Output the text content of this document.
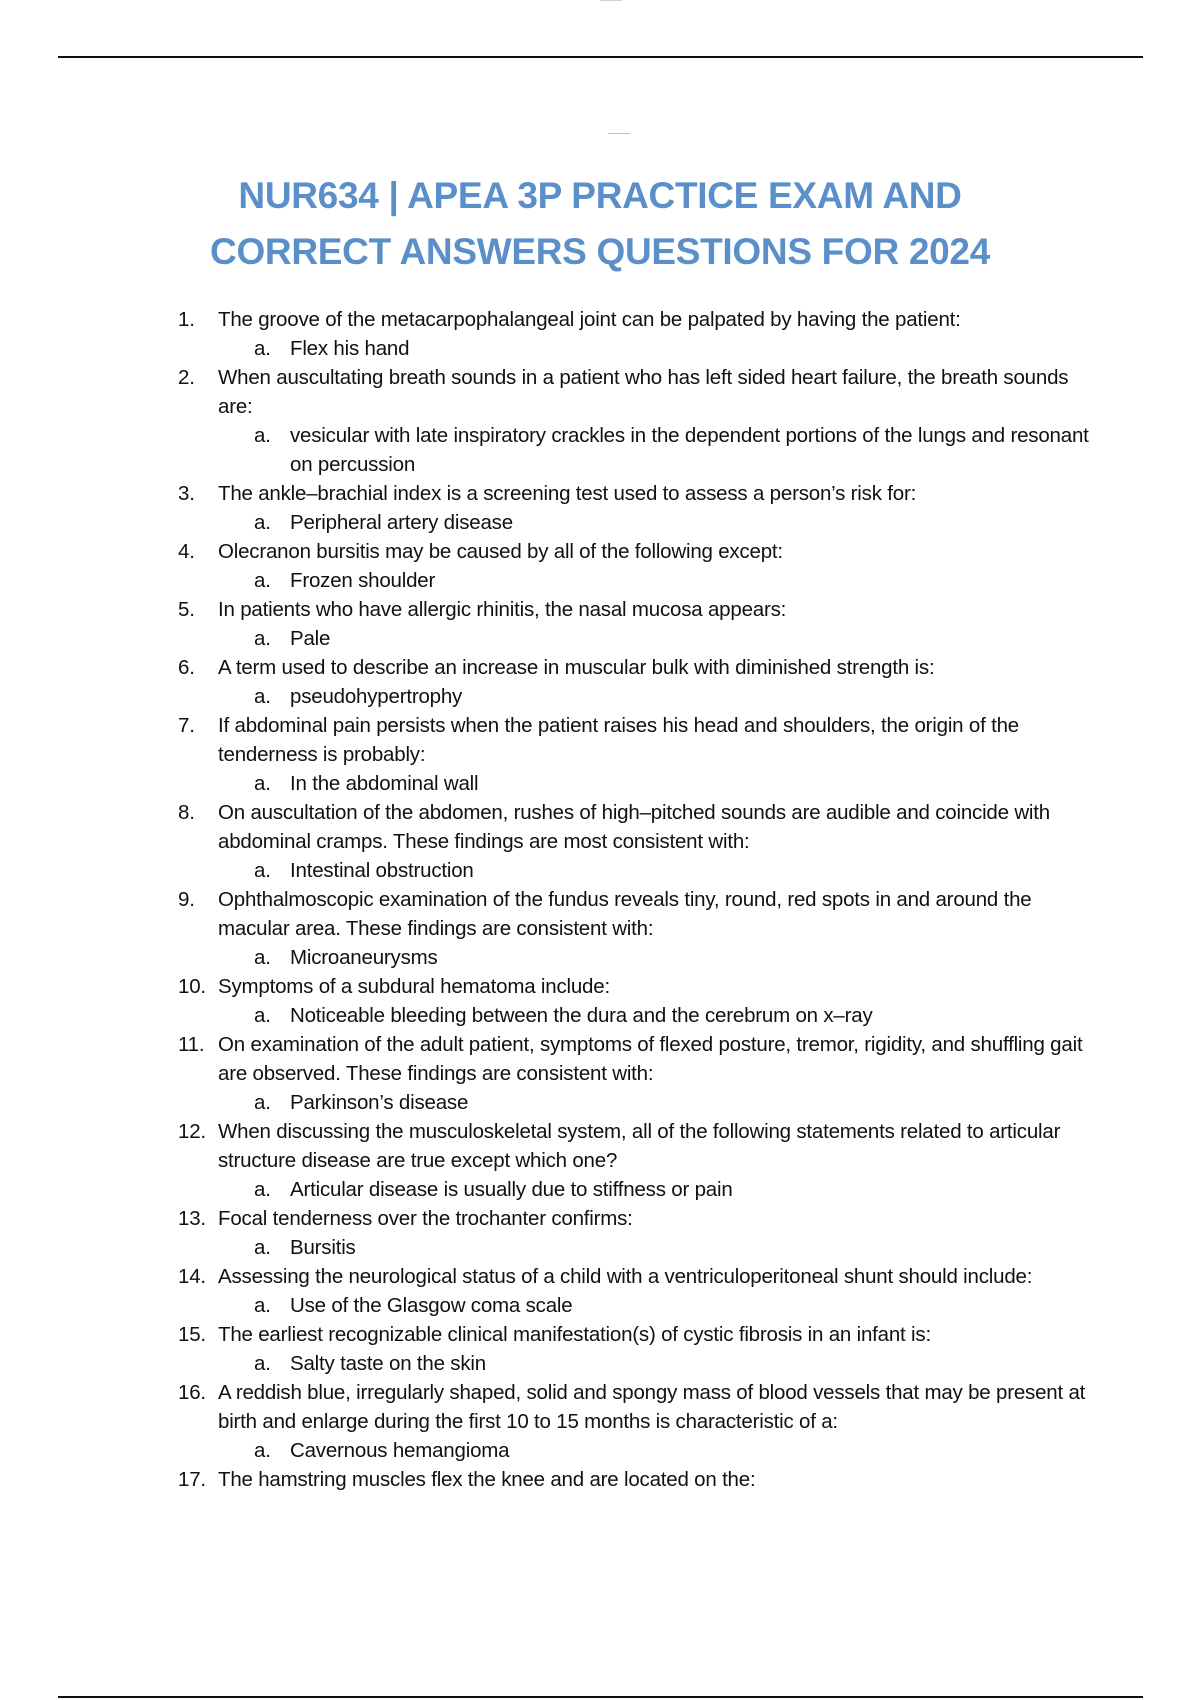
NUR634 | APEA 3P PRACTICE EXAM AND
CORRECT ANSWERS QUESTIONS FOR 2024
1.	The groove of the metacarpophalangeal joint can be palpated by having the patient:
a. Flex his hand
2.	When auscultating breath sounds in a patient who has left sided heart failure, the breath sounds are:
a. vesicular with late inspiratory crackles in the dependent portions of the lungs and resonant on percussion
3.	The ankle–brachial index is a screening test used to assess a person’s risk for:
a. Peripheral artery disease
4.	Olecranon bursitis may be caused by all of the following except:
a. Frozen shoulder
5.	In patients who have allergic rhinitis, the nasal mucosa appears:
a. Pale
6.	A term used to describe an increase in muscular bulk with diminished strength is:
a. pseudohypertrophy
7.	If abdominal pain persists when the patient raises his head and shoulders, the origin of the tenderness is probably:
a. In the abdominal wall
8.	On auscultation of the abdomen, rushes of high–pitched sounds are audible and coincide with abdominal cramps. These findings are most consistent with:
a. Intestinal obstruction
9.	Ophthalmoscopic examination of the fundus reveals tiny, round, red spots in and around the macular area. These findings are consistent with:
a. Microaneurysms
10. Symptoms of a subdural hematoma include:
a. Noticeable bleeding between the dura and the cerebrum on x–ray
11. On examination of the adult patient, symptoms of flexed posture, tremor, rigidity, and shuffling gait are observed. These findings are consistent with:
a. Parkinson’s disease
12. When discussing the musculoskeletal system, all of the following statements related to articular structure disease are true except which one?
a. Articular disease is usually due to stiffness or pain
13. Focal tenderness over the trochanter confirms:
a. Bursitis
14. Assessing the neurological status of a child with a ventriculoperitoneal shunt should include:
a. Use of the Glasgow coma scale
15. The earliest recognizable clinical manifestation(s) of cystic fibrosis in an infant is:
a. Salty taste on the skin
16. A reddish blue, irregularly shaped, solid and spongy mass of blood vessels that may be present at birth and enlarge during the first 10 to 15 months is characteristic of a:
a. Cavernous hemangioma
17. The hamstring muscles flex the knee and are located on the:
